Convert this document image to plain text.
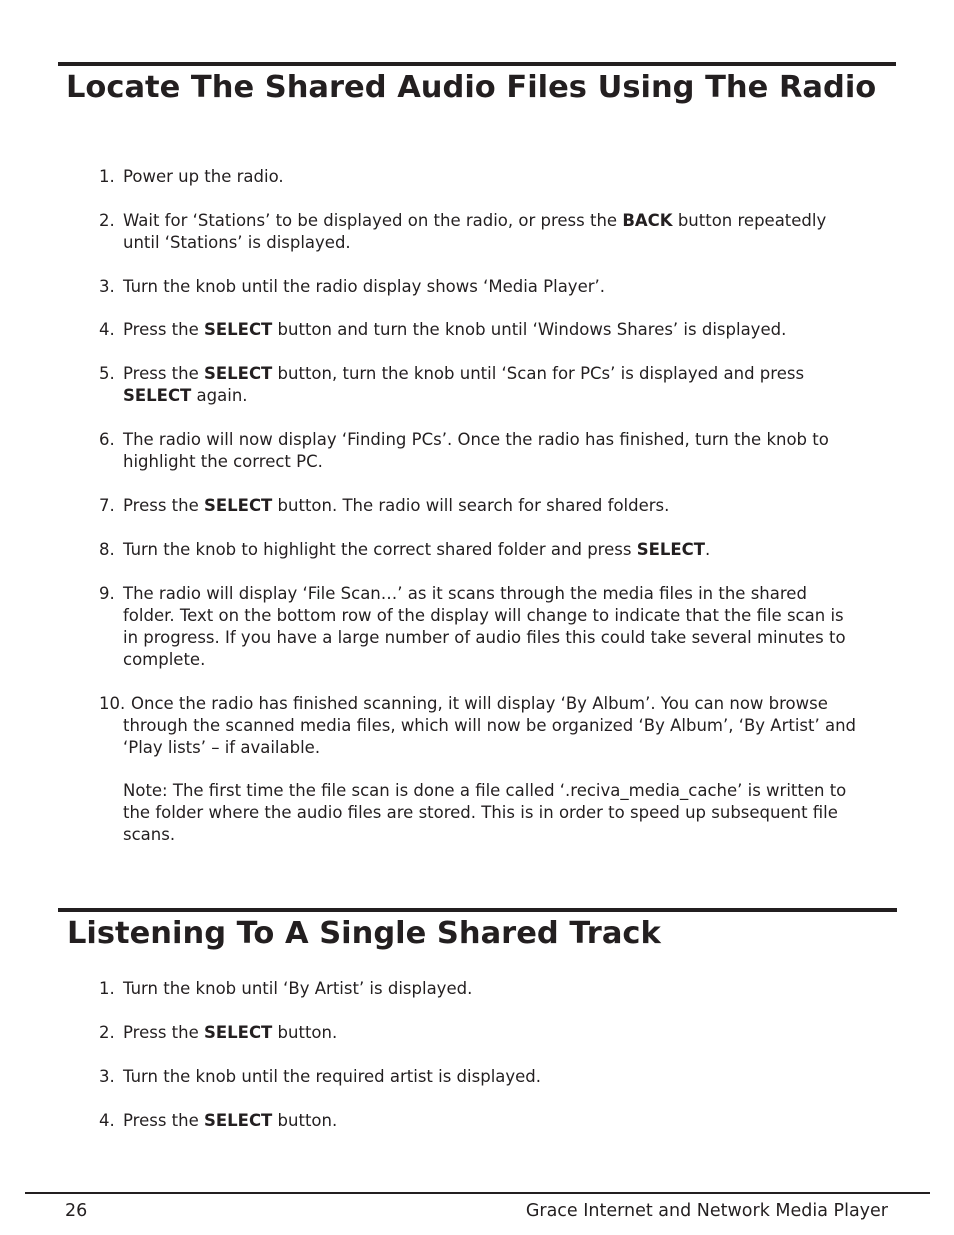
Locate The Shared Audio Files Using The Radio
1. Power up the radio.
2. Wait for ‘Stations’ to be displayed on the radio, or press the BACK button repeatedly until ‘Stations’ is displayed.
3. Turn the knob until the radio display shows ‘Media Player’.
4. Press the SELECT button and turn the knob until ‘Windows Shares’ is displayed.
5. Press the SELECT button, turn the knob until ‘Scan for PCs’ is displayed and press SELECT again.
6. The radio will now display ‘Finding PCs’. Once the radio has finished, turn the knob to highlight the correct PC.
7. Press the SELECT button. The radio will search for shared folders.
8. Turn the knob to highlight the correct shared folder and press SELECT.
9. The radio will display ‘File Scan…’ as it scans through the media files in the shared folder. Text on the bottom row of the display will change to indicate that the file scan is in progress. If you have a large number of audio files this could take several minutes to complete.
10. Once the radio has finished scanning, it will display ‘By Album’. You can now browse through the scanned media files, which will now be organized ‘By Album’, ‘By Artist’ and ‘Play lists’ – if available.
Note: The first time the file scan is done a file called ‘.reciva_media_cache’ is written to the folder where the audio files are stored. This is in order to speed up subsequent file scans.
Listening To A Single Shared Track
1. Turn the knob until ‘By Artist’ is displayed.
2. Press the SELECT button.
3. Turn the knob until the required artist is displayed.
4. Press the SELECT button.
26	Grace Internet and Network Media Player
